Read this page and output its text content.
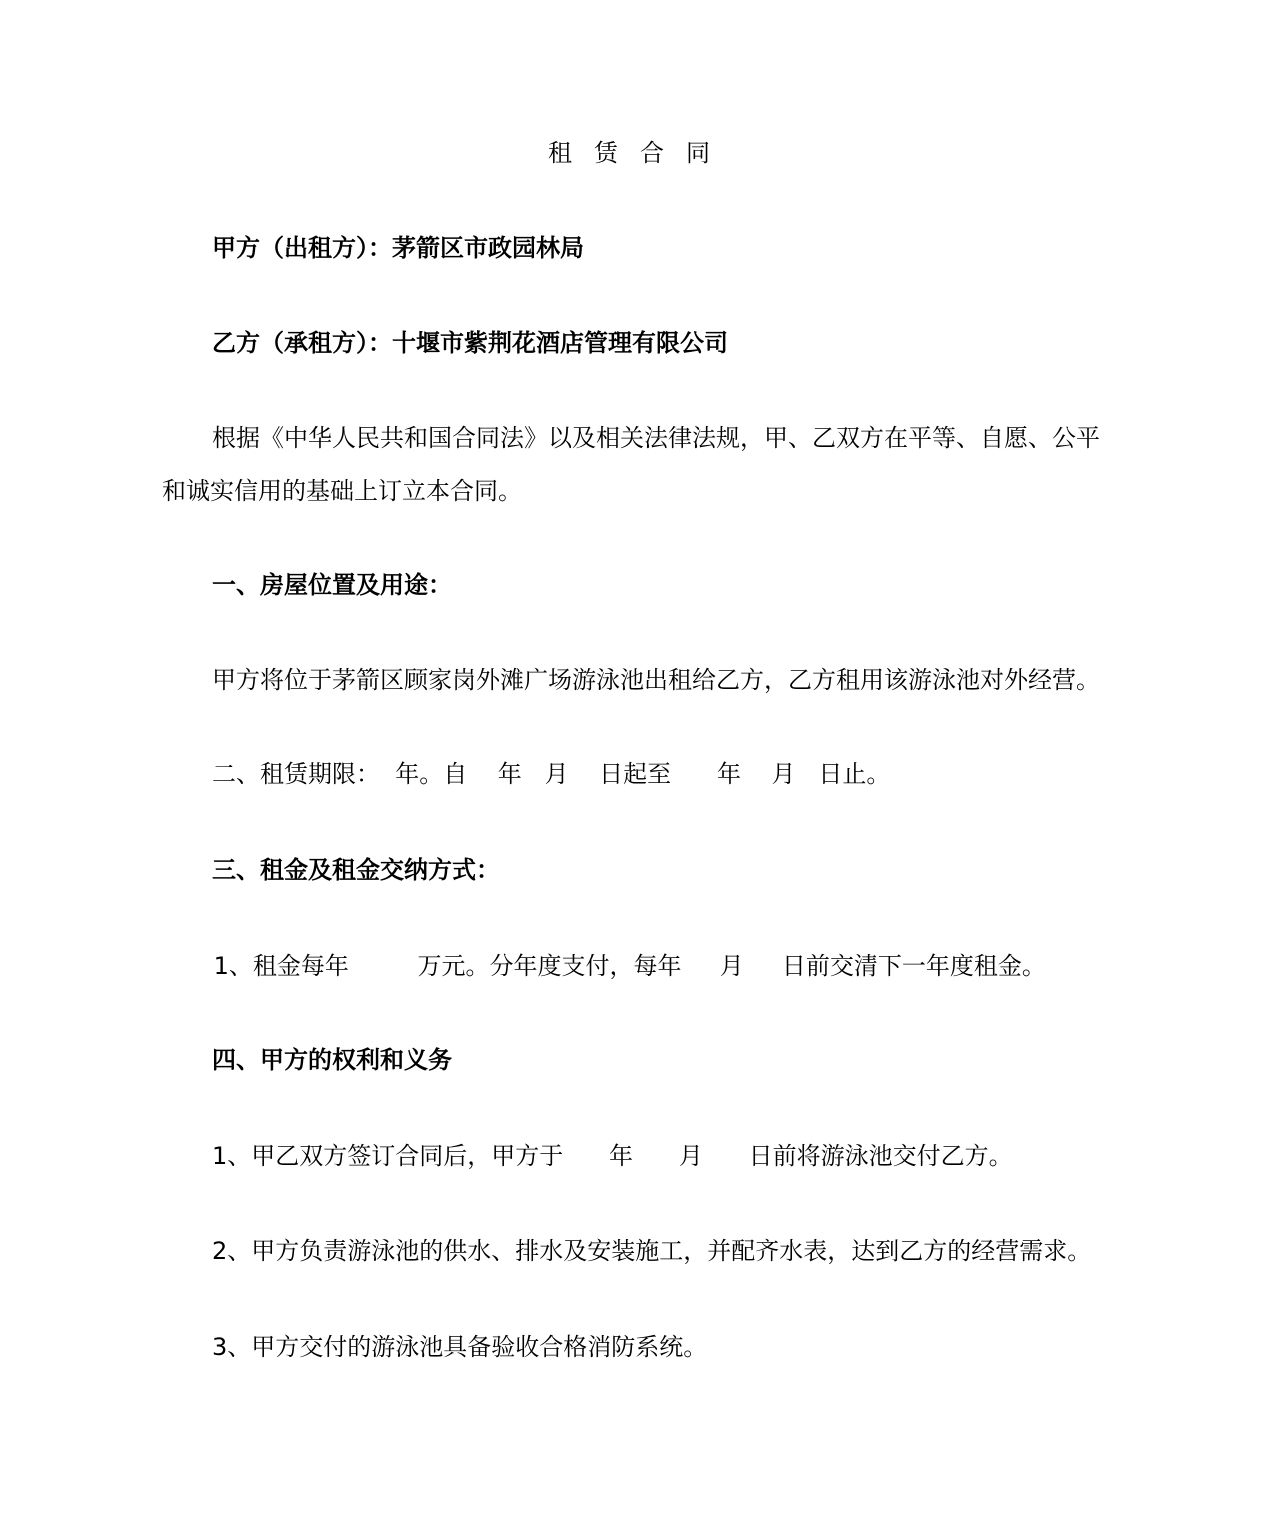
租赁合同
甲方（出租方）：茅箭区市政园林局
乙方（承租方）：十堰市紫荆花酒店管理有限公司
根据《中华人民共和国合同法》以及相关法律法规，甲、乙双方在平等、自愿、公平
和诚实信用的基础上订立本合同。
一、房屋位置及用途：
甲方将位于茅箭区顾家岗外滩广场游泳池出租给乙方，乙方租用该游泳池对外经营。
二、租赁期限：  年。自    年   月    日起至      年    月   日止。
三、租金及租金交纳方式：
1、租金每年         万元。分年度支付，每年     月     日前交清下一年度租金。
四、甲方的权利和义务
1、甲乙双方签订合同后，甲方于      年      月      日前将游泳池交付乙方。
2、甲方负责游泳池的供水、排水及安装施工，并配齐水表，达到乙方的经营需求。
3、甲方交付的游泳池具备验收合格消防系统。
